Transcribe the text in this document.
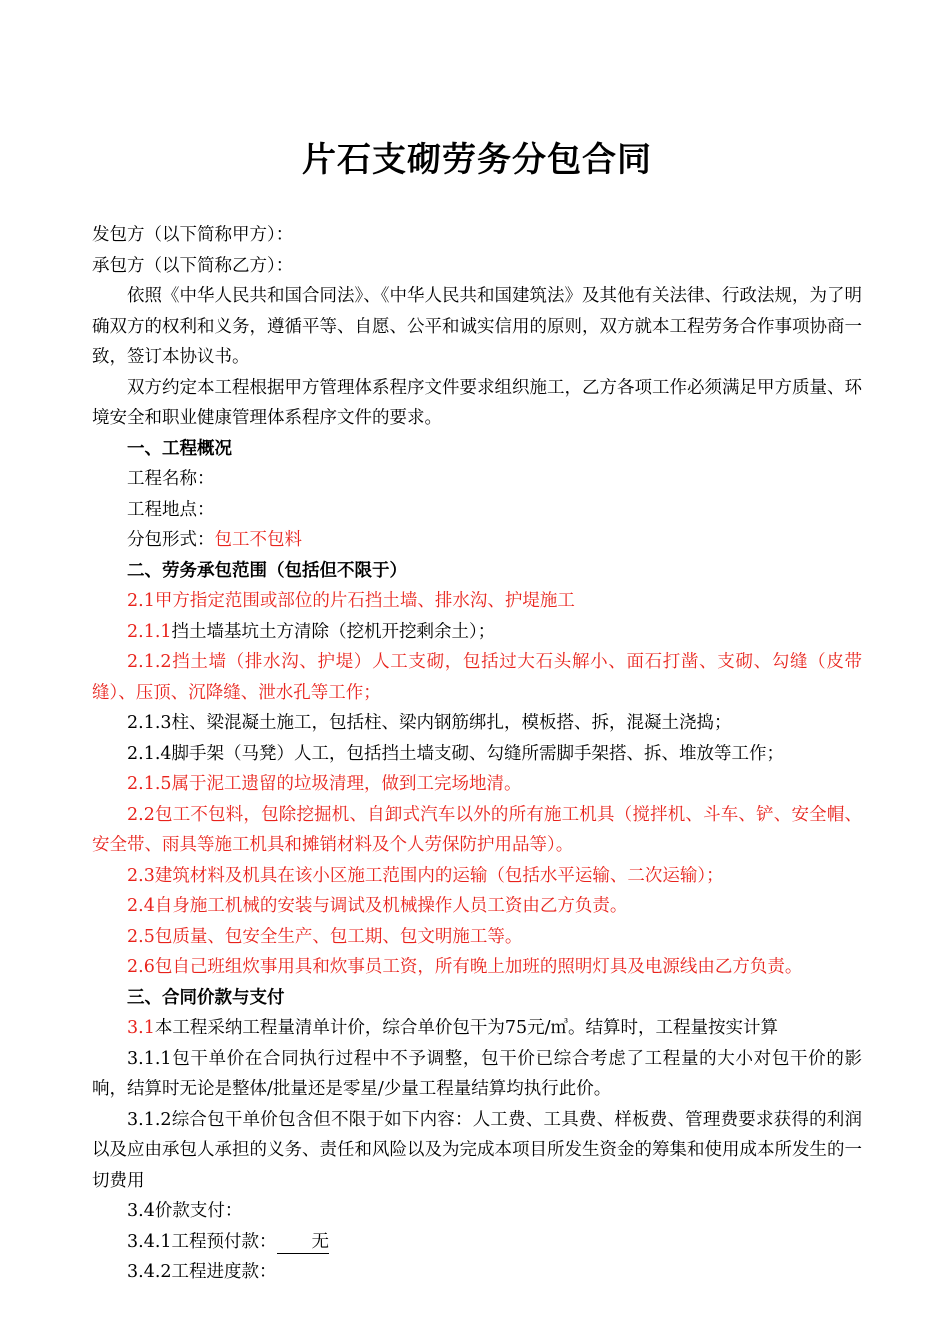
片石支砌劳务分包合同

发包方（以下简称甲方）：

承包方（以下简称乙方）：

依照《中华人民共和国合同法》、《中华人民共和国建筑法》及其他有关法律、行政法规，为了明确双方的权利和义务，遵循平等、自愿、公平和诚实信用的原则，双方就本工程劳务合作事项协商一致，签订本协议书。

双方约定本工程根据甲方管理体系程序文件要求组织施工，乙方各项工作必须满足甲方质量、环境安全和职业健康管理体系程序文件的要求。

一、工程概况

工程名称：

工程地点：

分包形式：包工不包料

二、劳务承包范围（包括但不限于）

2.1甲方指定范围或部位的片石挡土墙、排水沟、护堤施工

2.1.1挡土墙基坑土方清除（挖机开挖剩余土）；

2.1.2挡土墙（排水沟、护堤）人工支砌，包括过大石头解小、面石打凿、支砌、勾缝（皮带缝）、压顶、沉降缝、泄水孔等工作；

2.1.3柱、梁混凝土施工，包括柱、梁内钢筋绑扎，模板搭、拆，混凝土浇捣；

2.1.4脚手架（马凳）人工，包括挡土墙支砌、勾缝所需脚手架搭、拆、堆放等工作；

2.1.5属于泥工遗留的垃圾清理，做到工完场地清。

2.2包工不包料，包除挖掘机、自卸式汽车以外的所有施工机具（搅拌机、斗车、铲、安全帽、安全带、雨具等施工机具和摊销材料及个人劳保防护用品等）。

2.3建筑材料及机具在该小区施工范围内的运输（包括水平运输、二次运输）；

2.4自身施工机械的安装与调试及机械操作人员工资由乙方负责。

2.5包质量、包安全生产、包工期、包文明施工等。

2.6包自己班组炊事用具和炊事员工资，所有晚上加班的照明灯具及电源线由乙方负责。

三、合同价款与支付

3.1本工程采纳工程量清单计价，综合单价包干为75元/㎥。结算时，工程量按实计算

3.1.1包干单价在合同执行过程中不予调整，包干价已综合考虑了工程量的大小对包干价的影响，结算时无论是整体/批量还是零星/少量工程量结算均执行此价。

3.1.2综合包干单价包含但不限于如下内容：人工费、工具费、样板费、管理费要求获得的利润以及应由承包人承担的义务、责任和风险以及为完成本项目所发生资金的筹集和使用成本所发生的一切费用

3.4价款支付：

3.4.1工程预付款： 无

3.4.2工程进度款：
